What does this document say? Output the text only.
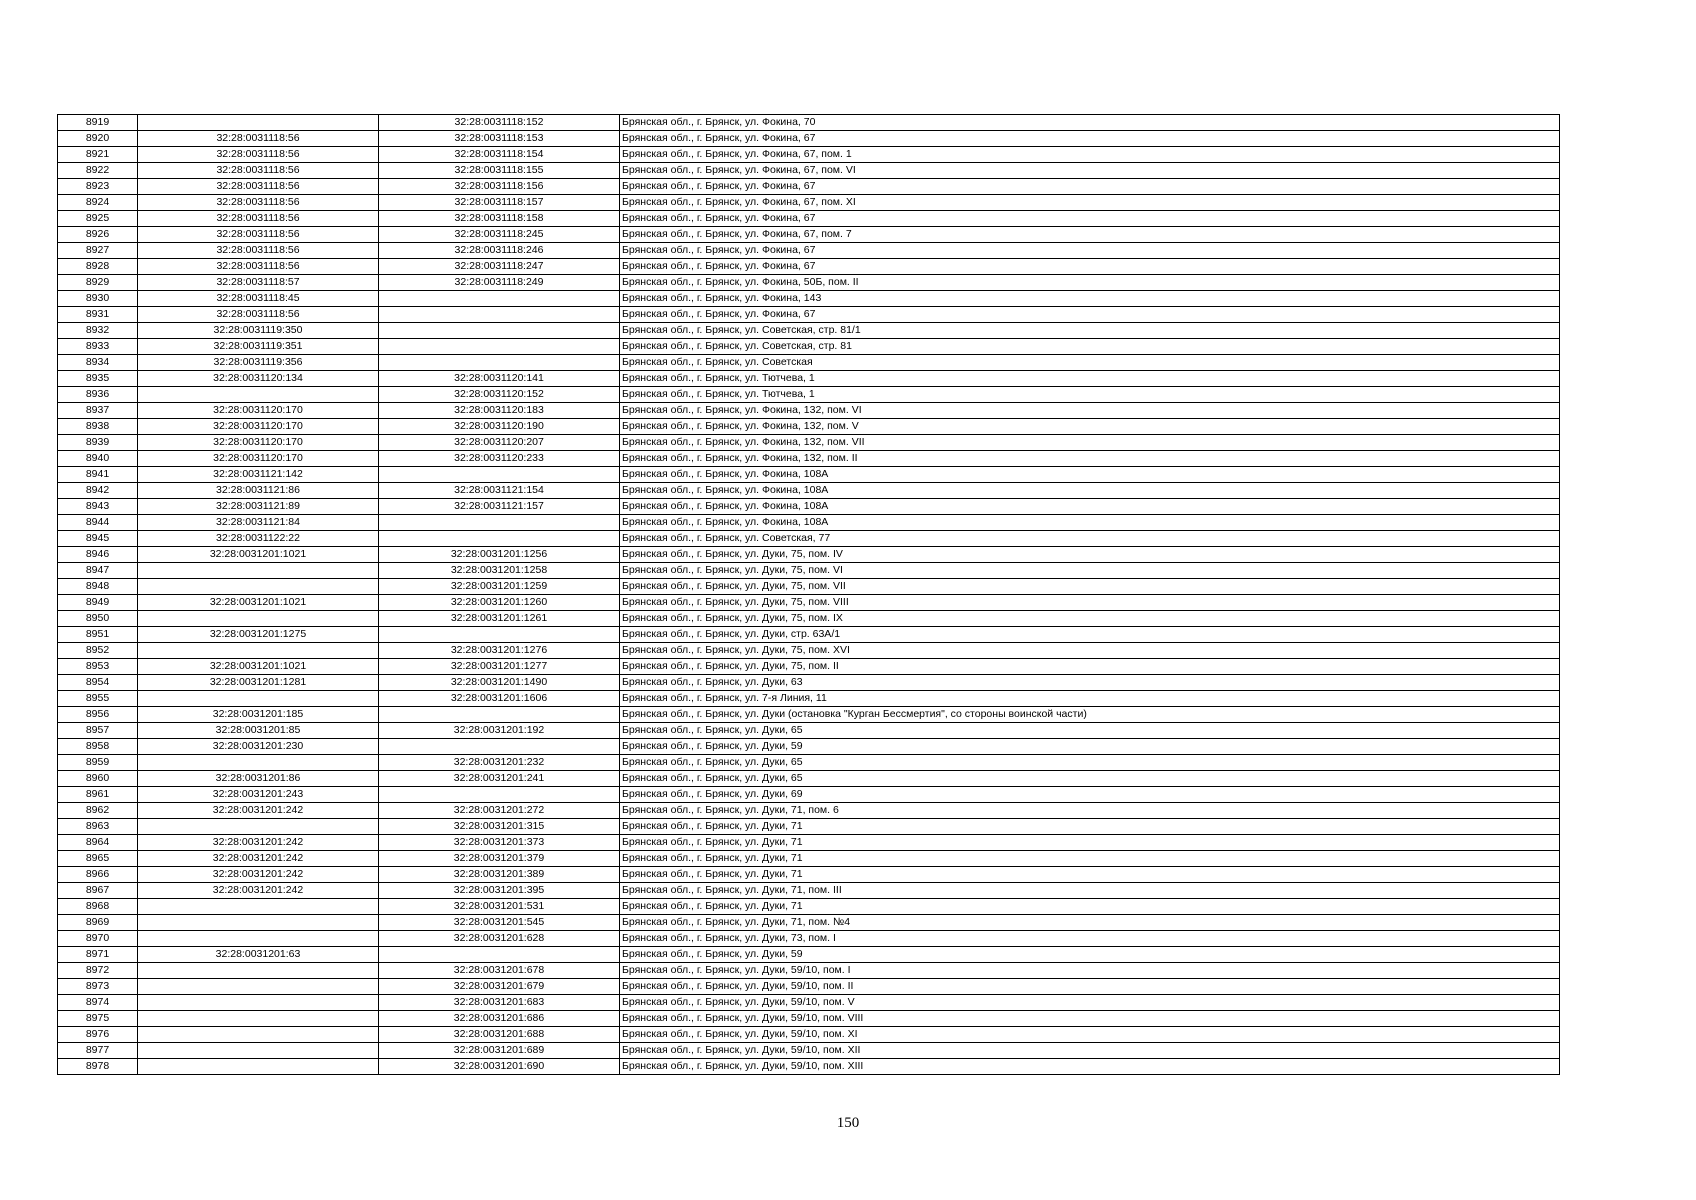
8919		32:28:0031118:152	Брянская обл., г. Брянск, ул. Фокина, 70
8920	32:28:0031118:56	32:28:0031118:153	Брянская обл., г. Брянск, ул. Фокина, 67
8921	32:28:0031118:56	32:28:0031118:154	Брянская обл., г. Брянск, ул. Фокина, 67, пом. 1
8922	32:28:0031118:56	32:28:0031118:155	Брянская обл., г. Брянск, ул. Фокина, 67, пом. VI
8923	32:28:0031118:56	32:28:0031118:156	Брянская обл., г. Брянск, ул. Фокина, 67
8924	32:28:0031118:56	32:28:0031118:157	Брянская обл., г. Брянск, ул. Фокина, 67, пом. XI
8925	32:28:0031118:56	32:28:0031118:158	Брянская обл., г. Брянск, ул. Фокина, 67
8926	32:28:0031118:56	32:28:0031118:245	Брянская обл., г. Брянск, ул. Фокина, 67, пом. 7
8927	32:28:0031118:56	32:28:0031118:246	Брянская обл., г. Брянск, ул. Фокина, 67
8928	32:28:0031118:56	32:28:0031118:247	Брянская обл., г. Брянск, ул. Фокина, 67
8929	32:28:0031118:57	32:28:0031118:249	Брянская обл., г. Брянск, ул. Фокина, 50Б, пом. II
8930	32:28:0031118:45		Брянская обл., г. Брянск, ул. Фокина, 143
8931	32:28:0031118:56		Брянская обл., г. Брянск, ул. Фокина, 67
8932	32:28:0031119:350		Брянская обл., г. Брянск, ул. Советская, стр. 81/1
8933	32:28:0031119:351		Брянская обл., г. Брянск, ул. Советская, стр. 81
8934	32:28:0031119:356		Брянская обл., г. Брянск, ул. Советская
8935	32:28:0031120:134	32:28:0031120:141	Брянская обл., г. Брянск, ул. Тютчева, 1
8936		32:28:0031120:152	Брянская обл., г. Брянск, ул. Тютчева, 1
8937	32:28:0031120:170	32:28:0031120:183	Брянская обл., г. Брянск, ул. Фокина, 132, пом. VI
8938	32:28:0031120:170	32:28:0031120:190	Брянская обл., г. Брянск, ул. Фокина, 132, пом. V
8939	32:28:0031120:170	32:28:0031120:207	Брянская обл., г. Брянск, ул. Фокина, 132, пом. VII
8940	32:28:0031120:170	32:28:0031120:233	Брянская обл., г. Брянск, ул. Фокина, 132, пом. II
8941	32:28:0031121:142		Брянская обл., г. Брянск, ул. Фокина, 108А
8942	32:28:0031121:86	32:28:0031121:154	Брянская обл., г. Брянск, ул. Фокина, 108А
8943	32:28:0031121:89	32:28:0031121:157	Брянская обл., г. Брянск, ул. Фокина, 108А
8944	32:28:0031121:84		Брянская обл., г. Брянск, ул. Фокина, 108А
8945	32:28:0031122:22		Брянская обл., г. Брянск, ул. Советская, 77
8946	32:28:0031201:1021	32:28:0031201:1256	Брянская обл., г. Брянск, ул. Дуки, 75, пом. IV
8947		32:28:0031201:1258	Брянская обл., г. Брянск, ул. Дуки, 75, пом. VI
8948		32:28:0031201:1259	Брянская обл., г. Брянск, ул. Дуки, 75, пом. VII
8949	32:28:0031201:1021	32:28:0031201:1260	Брянская обл., г. Брянск, ул. Дуки, 75, пом. VIII
8950		32:28:0031201:1261	Брянская обл., г. Брянск, ул. Дуки, 75, пом. IX
8951	32:28:0031201:1275		Брянская обл., г. Брянск, ул. Дуки, стр. 63А/1
8952		32:28:0031201:1276	Брянская обл., г. Брянск, ул. Дуки, 75, пом. XVI
8953	32:28:0031201:1021	32:28:0031201:1277	Брянская обл., г. Брянск, ул. Дуки, 75, пом. II
8954	32:28:0031201:1281	32:28:0031201:1490	Брянская обл., г. Брянск, ул. Дуки, 63
8955		32:28:0031201:1606	Брянская обл., г. Брянск, ул. 7-я Линия, 11
8956	32:28:0031201:185		Брянская обл., г. Брянск, ул. Дуки (остановка "Курган Бессмертия", со стороны воинской части)
8957	32:28:0031201:85	32:28:0031201:192	Брянская обл., г. Брянск, ул. Дуки, 65
8958	32:28:0031201:230		Брянская обл., г. Брянск, ул. Дуки, 59
8959		32:28:0031201:232	Брянская обл., г. Брянск, ул. Дуки, 65
8960	32:28:0031201:86	32:28:0031201:241	Брянская обл., г. Брянск, ул. Дуки, 65
8961	32:28:0031201:243		Брянская обл., г. Брянск, ул. Дуки, 69
8962	32:28:0031201:242	32:28:0031201:272	Брянская обл., г. Брянск, ул. Дуки, 71, пом. 6
8963		32:28:0031201:315	Брянская обл., г. Брянск, ул. Дуки, 71
8964	32:28:0031201:242	32:28:0031201:373	Брянская обл., г. Брянск, ул. Дуки, 71
8965	32:28:0031201:242	32:28:0031201:379	Брянская обл., г. Брянск, ул. Дуки, 71
8966	32:28:0031201:242	32:28:0031201:389	Брянская обл., г. Брянск, ул. Дуки, 71
8967	32:28:0031201:242	32:28:0031201:395	Брянская обл., г. Брянск, ул. Дуки, 71, пом. III
8968		32:28:0031201:531	Брянская обл., г. Брянск, ул. Дуки, 71
8969		32:28:0031201:545	Брянская обл., г. Брянск, ул. Дуки, 71, пом. №4
8970		32:28:0031201:628	Брянская обл., г. Брянск, ул. Дуки, 73, пом. I
8971	32:28:0031201:63		Брянская обл., г. Брянск, ул. Дуки, 59
8972		32:28:0031201:678	Брянская обл., г. Брянск, ул. Дуки, 59/10, пом. I
8973		32:28:0031201:679	Брянская обл., г. Брянск, ул. Дуки, 59/10, пом. II
8974		32:28:0031201:683	Брянская обл., г. Брянск, ул. Дуки, 59/10, пом. V
8975		32:28:0031201:686	Брянская обл., г. Брянск, ул. Дуки, 59/10, пом. VIII
8976		32:28:0031201:688	Брянская обл., г. Брянск, ул. Дуки, 59/10, пом. XI
8977		32:28:0031201:689	Брянская обл., г. Брянск, ул. Дуки, 59/10, пом. XII
8978		32:28:0031201:690	Брянская обл., г. Брянск, ул. Дуки, 59/10, пом. XIII
150
